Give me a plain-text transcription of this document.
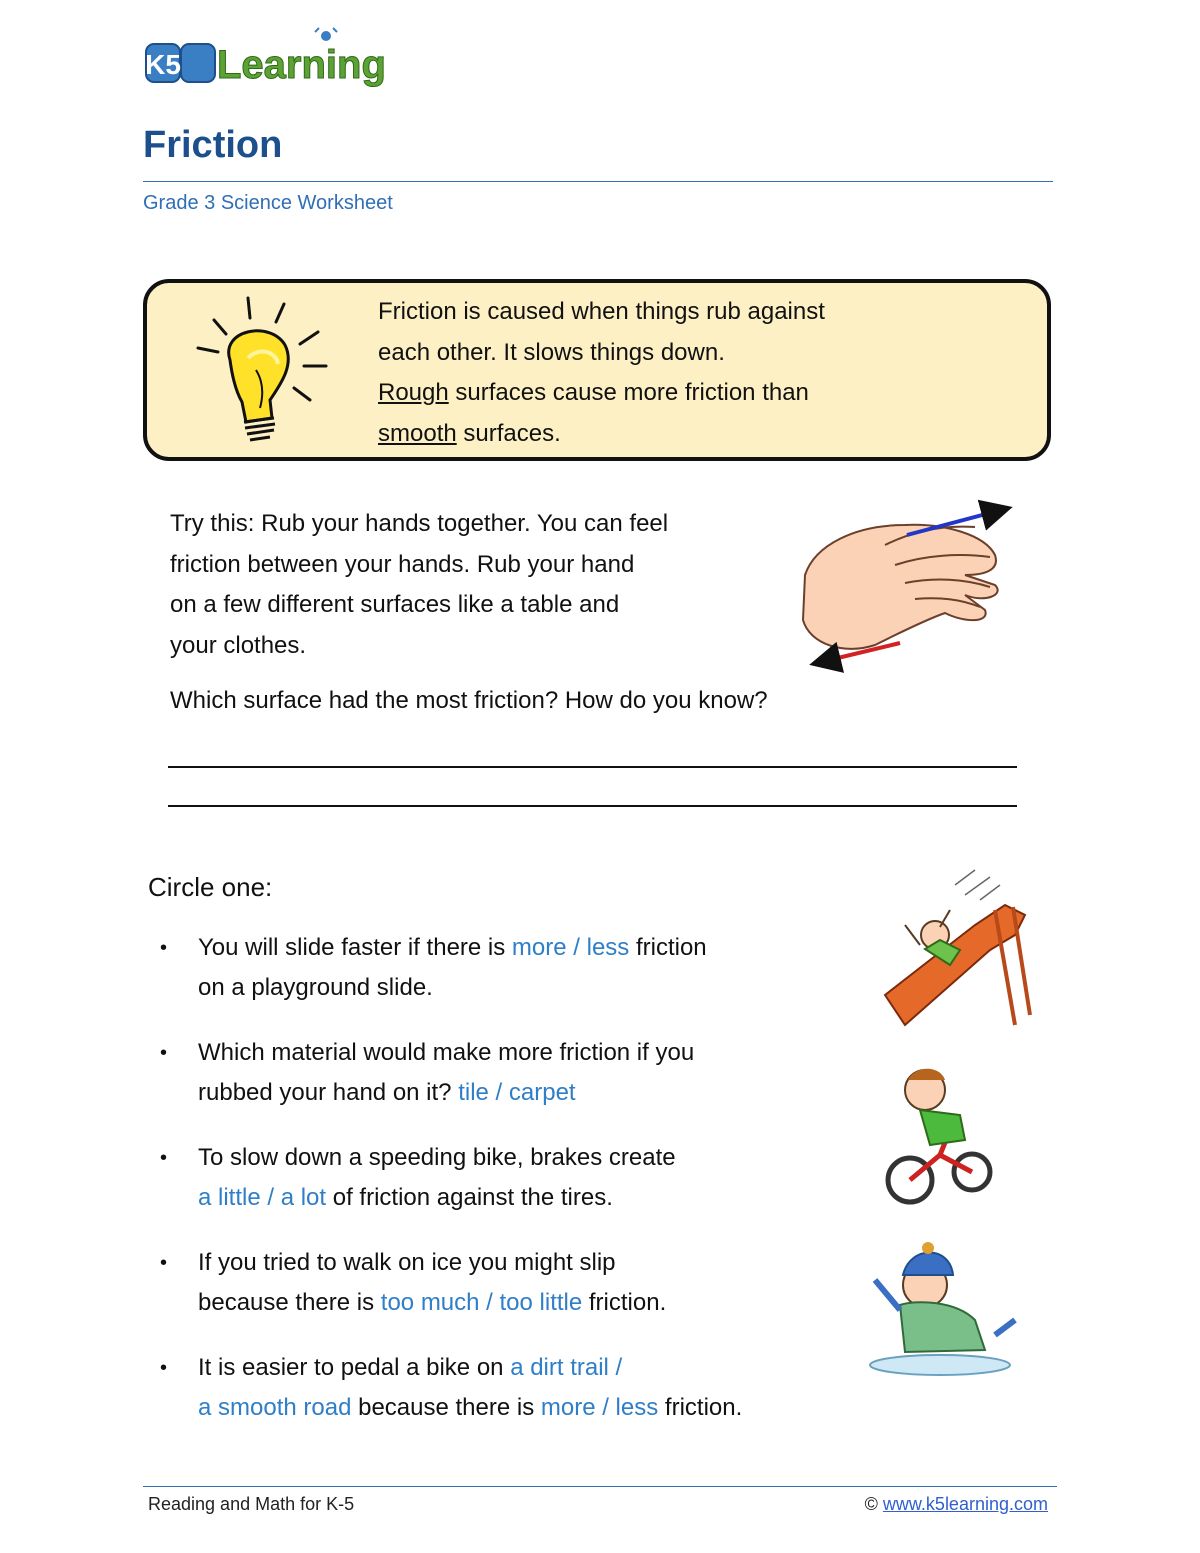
K5 Learning
Friction
Grade 3 Science Worksheet
Friction is caused when things rub against
each other. It slows things down.
Rough surfaces cause more friction than
smooth surfaces.
Try this: Rub your hands together. You can feel
friction between your hands. Rub your hand
on a few different surfaces like a table and
your clothes.
Which surface had the most friction? How do you know?
Circle one:
• You will slide faster if there is more / less friction
on a playground slide.
• Which material would make more friction if you
rubbed your hand on it? tile / carpet
• To slow down a speeding bike, brakes create
a little / a lot of friction against the tires.
• If you tried to walk on ice you might slip
because there is too much / too little friction.
• It is easier to pedal a bike on a dirt trail /
a smooth road because there is more / less friction.
Reading and Math for K-5	© www.k5learning.com
